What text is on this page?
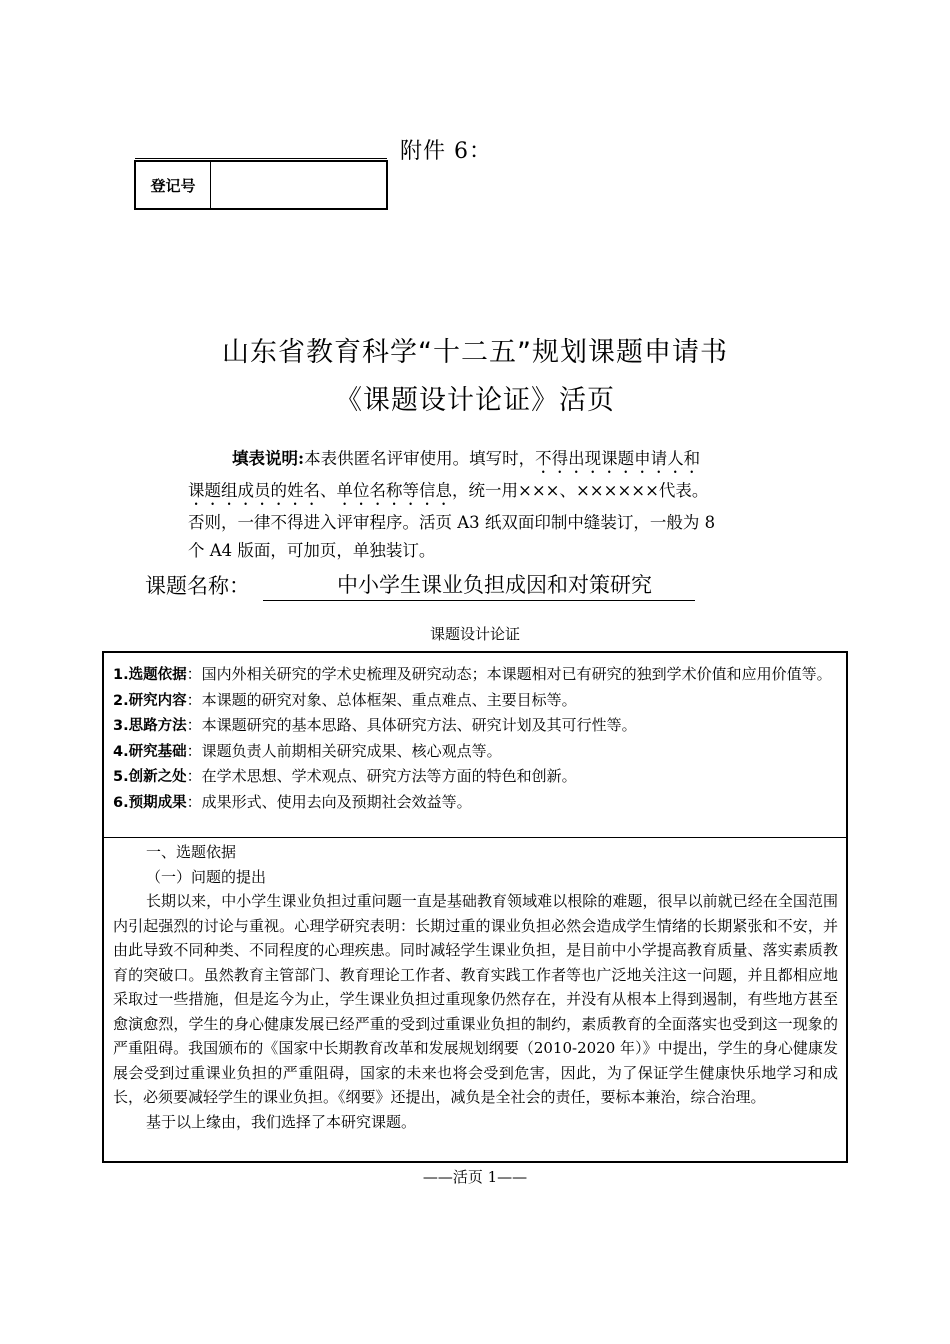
附件 6：
登记号
山东省教育科学“十二五”规划课题申请书
《课题设计论证》活页
填表说明:本表供匿名评审使用。填写时，不得出现课题申请人和
课题组成员的姓名、单位名称等信息，统一用×××、××××××代表。
否则，一律不得进入评审程序。活页 A3 纸双面印制中缝装订，一般为 8
个 A4 版面，可加页，单独装订。
课题名称：	中小学生课业负担成因和对策研究
课题设计论证
1.选题依据：国内外相关研究的学术史梳理及研究动态；本课题相对已有研究的独到学术价值和应用价值等。
2.研究内容：本课题的研究对象、总体框架、重点难点、主要目标等。
3.思路方法：本课题研究的基本思路、具体研究方法、研究计划及其可行性等。
4.研究基础：课题负责人前期相关研究成果、核心观点等。
5.创新之处：在学术思想、学术观点、研究方法等方面的特色和创新。
6.预期成果：成果形式、使用去向及预期社会效益等。

一、选题依据

（一）问题的提出

长期以来，中小学生课业负担过重问题一直是基础教育领域难以根除的难题，很早以前就已经在全国范围内引起强烈的讨论与重视。心理学研究表明：长期过重的课业负担必然会造成学生情绪的长期紧张和不安，并由此导致不同种类、不同程度的心理疾患。同时减轻学生课业负担，是目前中小学提高教育质量、落实素质教育的突破口。虽然教育主管部门、教育理论工作者、教育实践工作者等也广泛地关注这一问题，并且都相应地采取过一些措施，但是迄今为止，学生课业负担过重现象仍然存在，并没有从根本上得到遏制，有些地方甚至愈演愈烈，学生的身心健康发展已经严重的受到过重课业负担的制约，素质教育的全面落实也受到这一现象的严重阻碍。我国颁布的《国家中长期教育改革和发展规划纲要（2010-2020 年）》中提出，学生的身心健康发展会受到过重课业负担的严重阻碍，国家的未来也将会受到危害，因此，为了保证学生健康快乐地学习和成长，必须要减轻学生的课业负担。《纲要》还提出，减负是全社会的责任，要标本兼治，综合治理。

基于以上缘由，我们选择了本研究课题。

——活页 1——
